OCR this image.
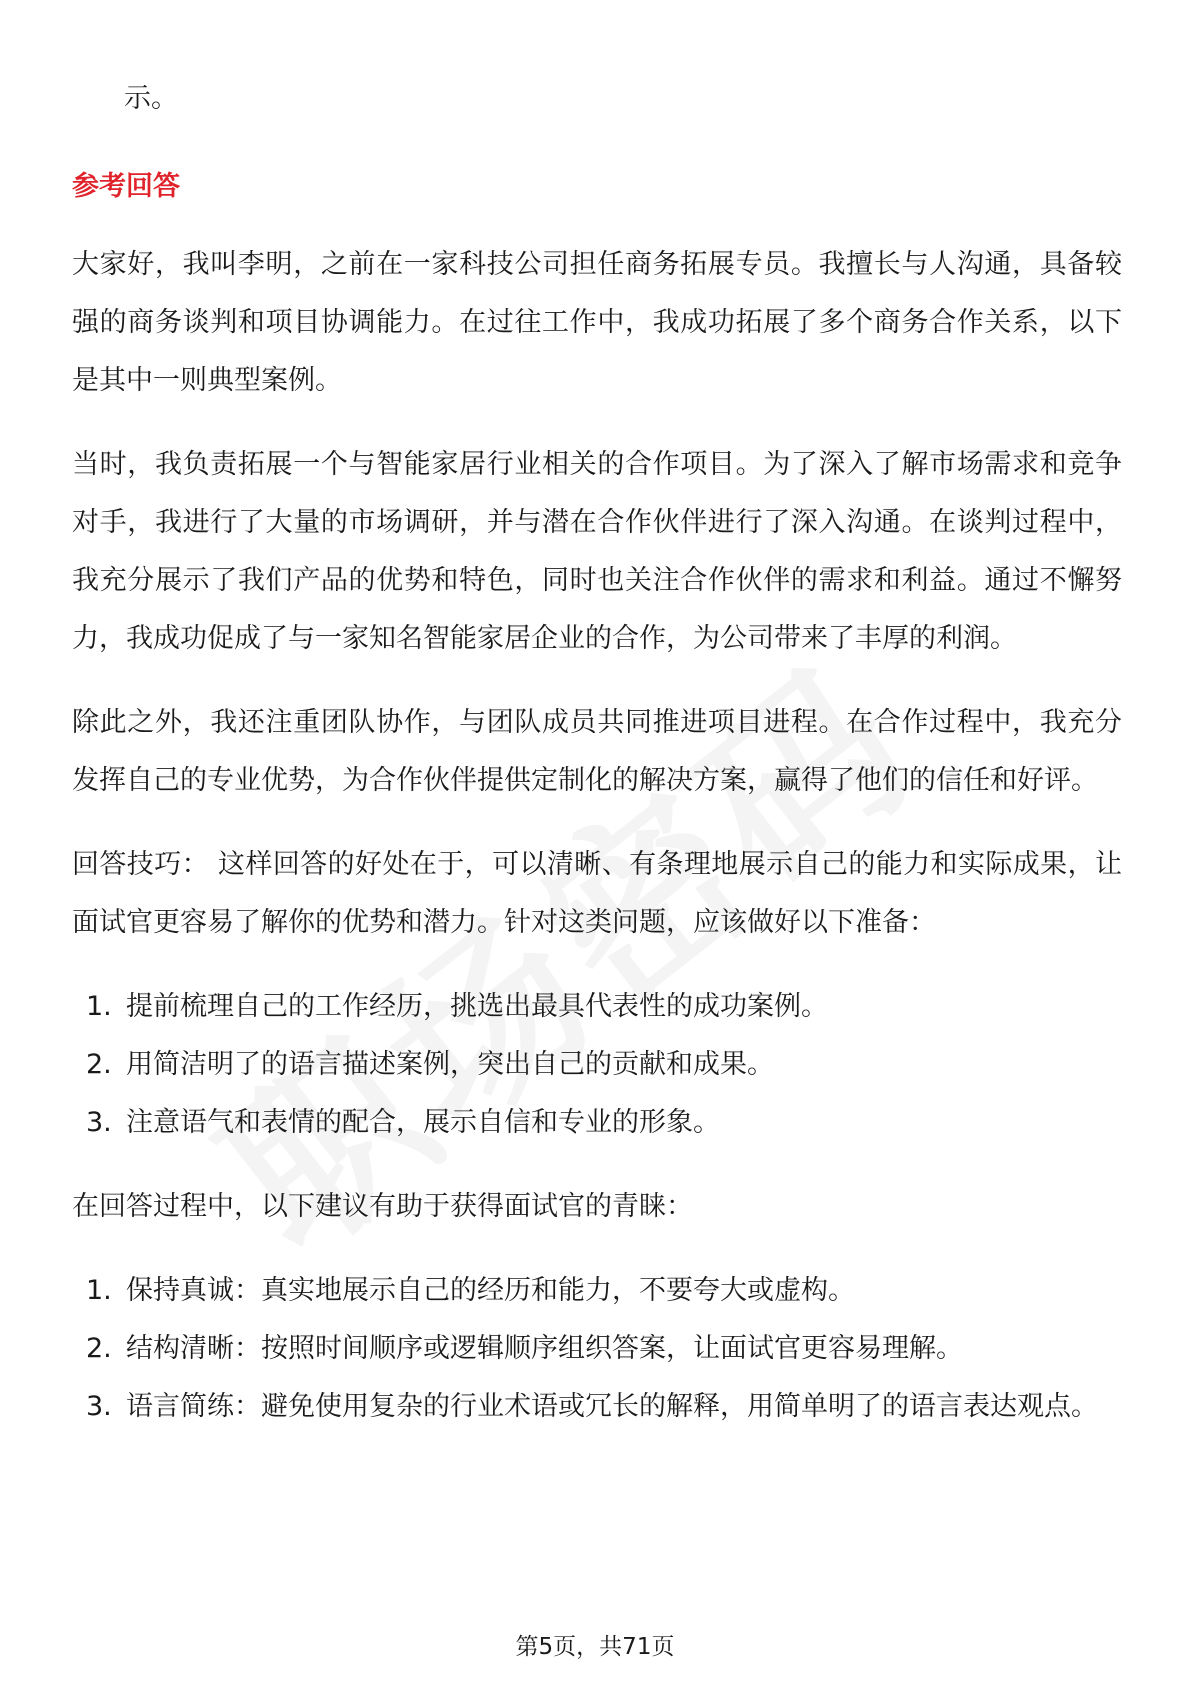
示。

参考回答

大家好，我叫李明，之前在一家科技公司担任商务拓展专员。我擅长与人沟通，具备较强的商务谈判和项目协调能力。在过往工作中，我成功拓展了多个商务合作关系，以下是其中一则典型案例。

当时，我负责拓展一个与智能家居行业相关的合作项目。为了深入了解市场需求和竞争对手，我进行了大量的市场调研，并与潜在合作伙伴进行了深入沟通。在谈判过程中，我充分展示了我们产品的优势和特色，同时也关注合作伙伴的需求和利益。通过不懈努力，我成功促成了与一家知名智能家居企业的合作，为公司带来了丰厚的利润。

除此之外，我还注重团队协作，与团队成员共同推进项目进程。在合作过程中，我充分发挥自己的专业优势，为合作伙伴提供定制化的解决方案，赢得了他们的信任和好评。

回答技巧： 这样回答的好处在于，可以清晰、有条理地展示自己的能力和实际成果，让面试官更容易了解你的优势和潜力。针对这类问题，应该做好以下准备：

1. 提前梳理自己的工作经历，挑选出最具代表性的成功案例。
2. 用简洁明了的语言描述案例，突出自己的贡献和成果。
3. 注意语气和表情的配合，展示自信和专业的形象。

在回答过程中，以下建议有助于获得面试官的青睐：

1. 保持真诚：真实地展示自己的经历和能力，不要夸大或虚构。
2. 结构清晰：按照时间顺序或逻辑顺序组织答案，让面试官更容易理解。
3. 语言简练：避免使用复杂的行业术语或冗长的解释，用简单明了的语言表达观点。
第5页，共71页
